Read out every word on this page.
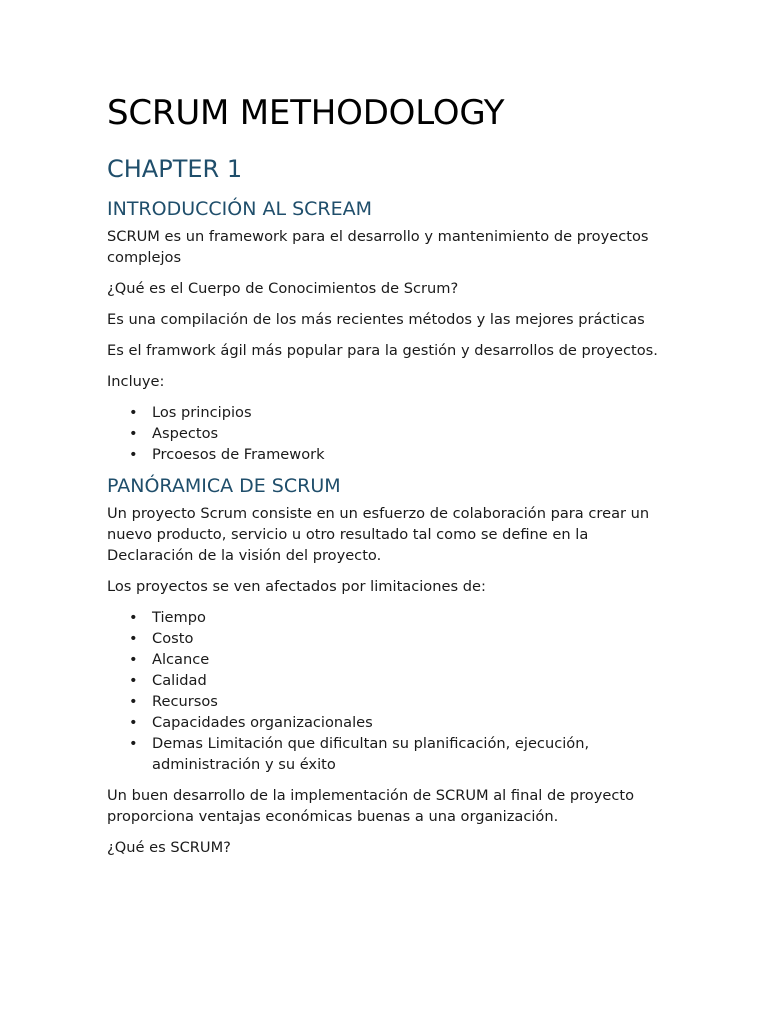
SCRUM METHODOLOGY
CHAPTER 1
INTRODUCCIÓN AL SCREAM

SCRUM es un framework para el desarrollo y mantenimiento de proyectos complejos

¿Qué es el Cuerpo de Conocimientos de Scrum?

Es una compilación de los más recientes métodos y las mejores prácticas

Es el framwork ágil más popular para la gestión y desarrollos de proyectos.

Incluye:

• Los principios
• Aspectos
• Prcoesos de Framework
PANÓRAMICA DE SCRUM

Un proyecto Scrum consiste en un esfuerzo de colaboración para crear un nuevo producto, servicio u otro resultado tal como se define en la Declaración de la visión del proyecto.

Los proyectos se ven afectados por limitaciones de:

• Tiempo
• Costo
• Alcance
• Calidad
• Recursos
• Capacidades organizacionales
• Demas Limitación que dificultan su planificación, ejecución, administración y su éxito

Un buen desarrollo de la implementación de SCRUM al final de proyecto proporciona ventajas económicas buenas a una organización.

¿Qué es SCRUM?
